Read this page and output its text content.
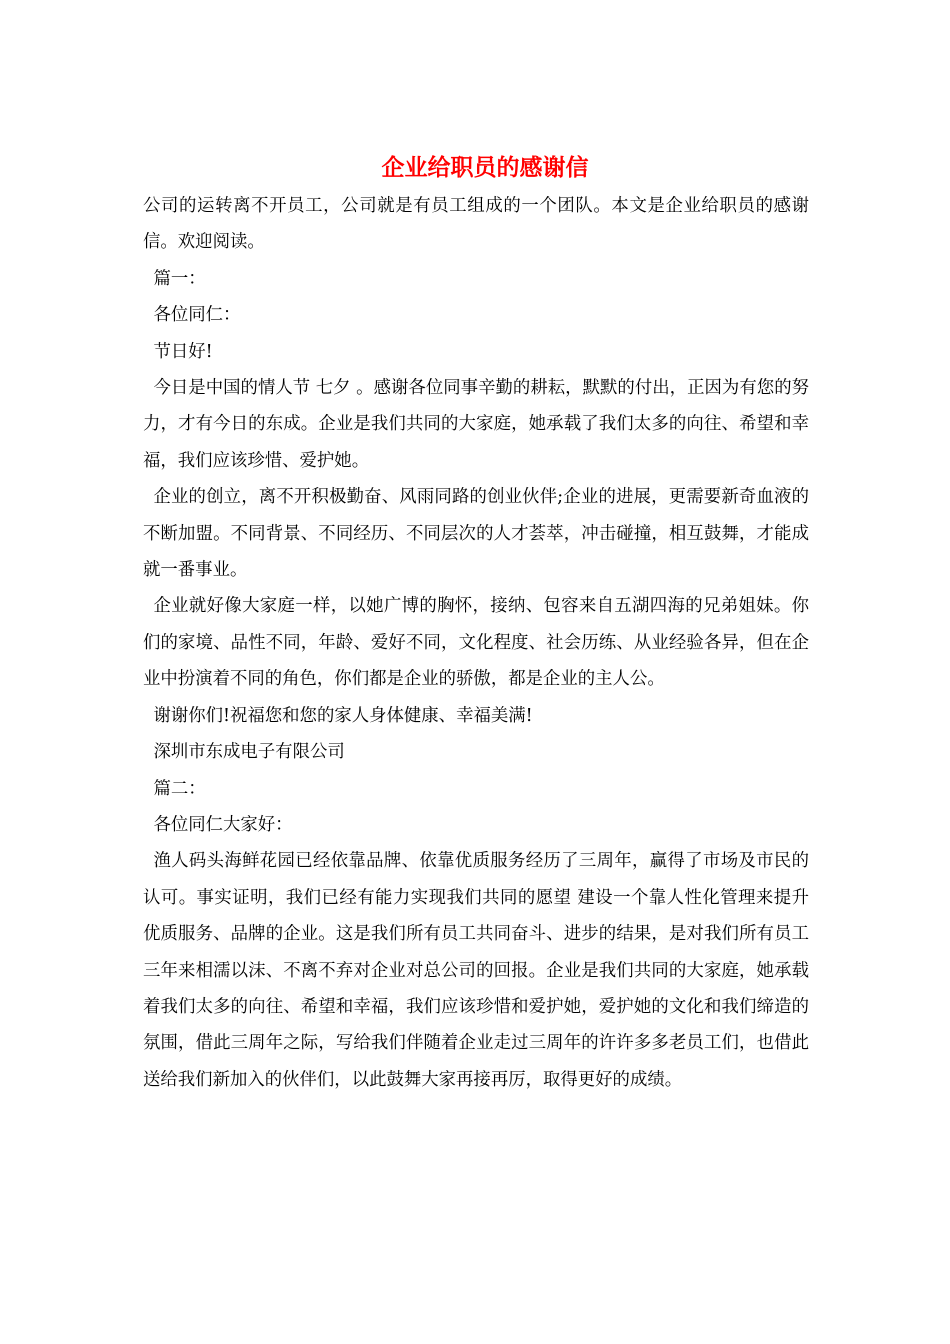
企业给职员的感谢信

公司的运转离不开员工，公司就是有员工组成的一个团队。本文是企业给职员的感谢信。欢迎阅读。

篇一：

各位同仁：

节日好!

今日是中国的情人节 七夕 。感谢各位同事辛勤的耕耘，默默的付出，正因为有您的努力，才有今日的东成。企业是我们共同的大家庭，她承载了我们太多的向往、希望和幸福，我们应该珍惜、爱护她。

企业的创立，离不开积极勤奋、风雨同路的创业伙伴;企业的进展，更需要新奇血液的不断加盟。不同背景、不同经历、不同层次的人才荟萃，冲击碰撞，相互鼓舞，才能成就一番事业。

企业就好像大家庭一样，以她广博的胸怀，接纳、包容来自五湖四海的兄弟姐妹。你们的家境、品性不同，年龄、爱好不同，文化程度、社会历练、从业经验各异，但在企业中扮演着不同的角色，你们都是企业的骄傲，都是企业的主人公。

谢谢你们!祝福您和您的家人身体健康、幸福美满!

深圳市东成电子有限公司

篇二：

各位同仁大家好：

渔人码头海鲜花园已经依靠品牌、依靠优质服务经历了三周年，赢得了市场及市民的认可。事实证明，我们已经有能力实现我们共同的愿望 建设一个靠人性化管理来提升优质服务、品牌的企业。这是我们所有员工共同奋斗、进步的结果，是对我们所有员工三年来相濡以沫、不离不弃对企业对总公司的回报。企业是我们共同的大家庭，她承载着我们太多的向往、希望和幸福，我们应该珍惜和爱护她，爱护她的文化和我们缔造的氛围，借此三周年之际，写给我们伴随着企业走过三周年的许许多多老员工们，也借此送给我们新加入的伙伴们，以此鼓舞大家再接再厉，取得更好的成绩。
